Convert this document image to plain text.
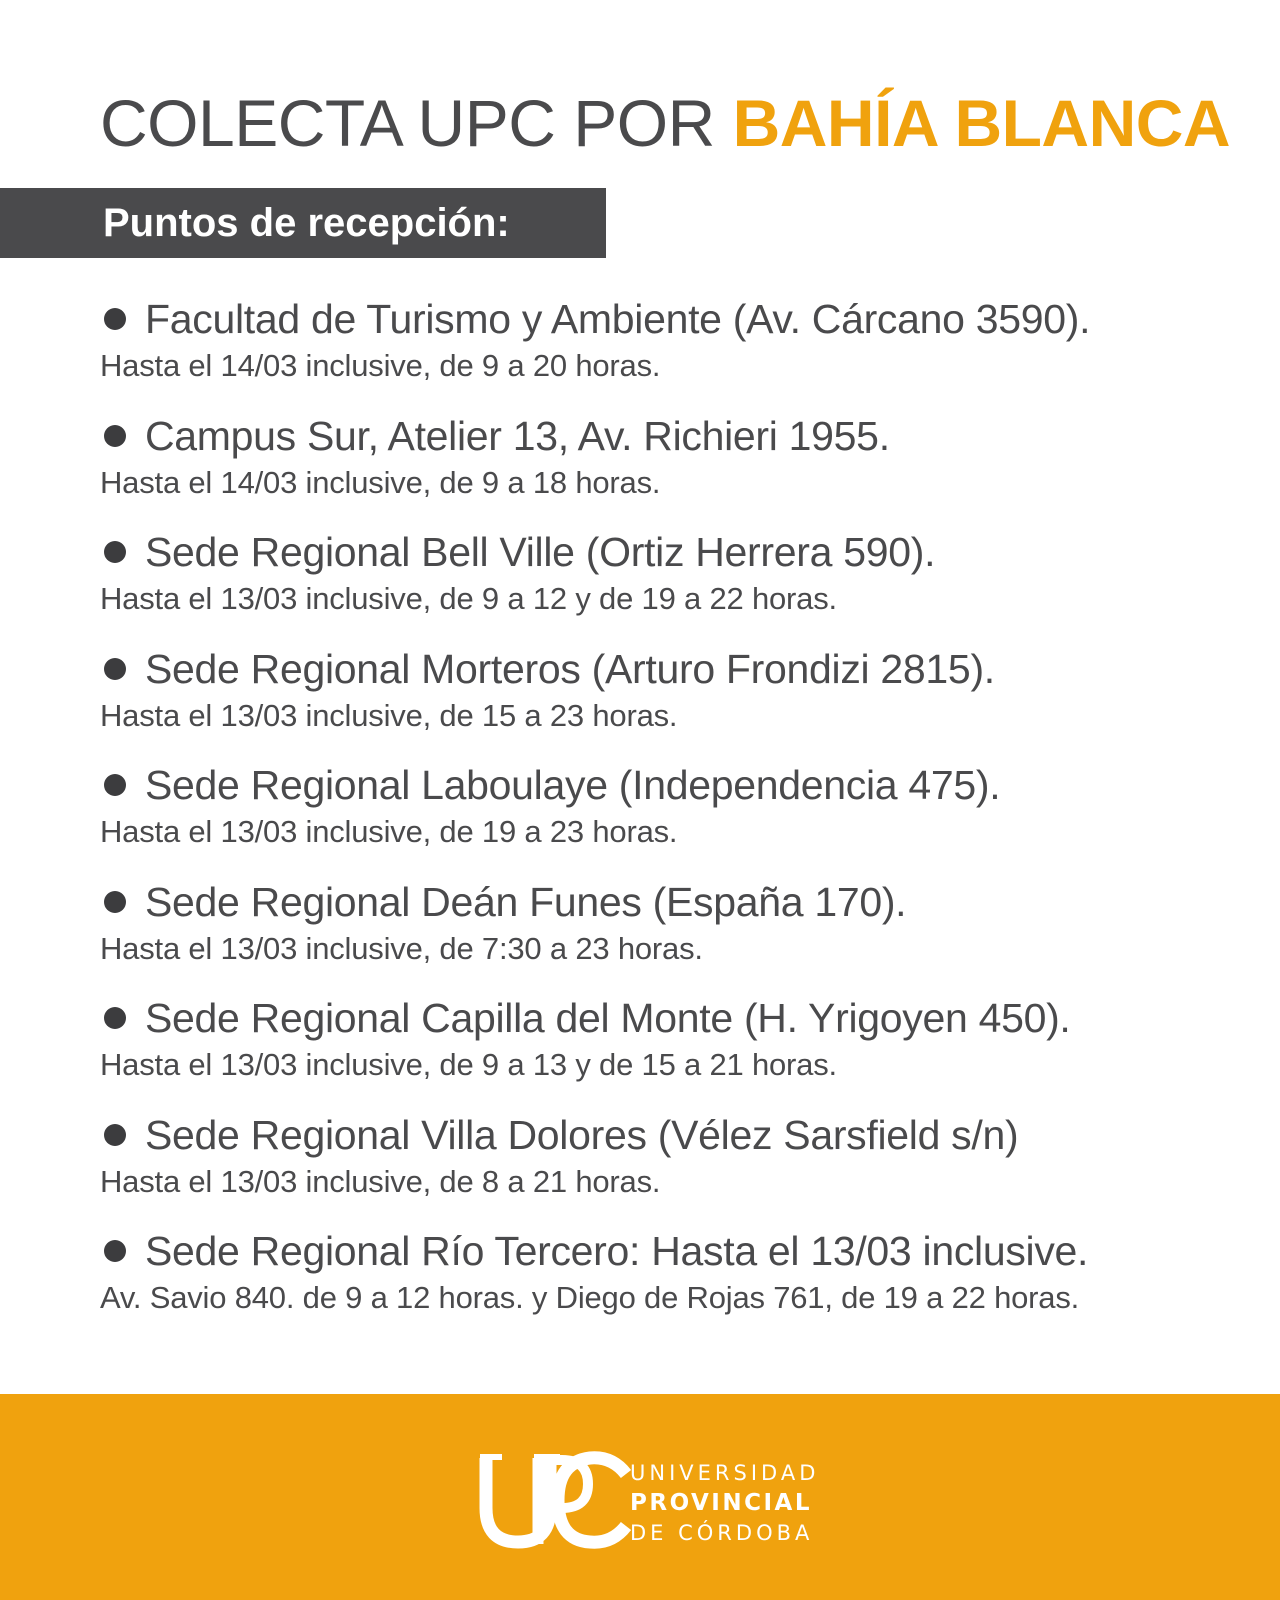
COLECTA UPC POR BAHÍA BLANCA
Puntos de recepción:
Facultad de Turismo y Ambiente (Av. Cárcano 3590).
Hasta el 14/03 inclusive, de 9 a 20 horas.
Campus Sur, Atelier 13, Av. Richieri 1955.
Hasta el 14/03 inclusive, de 9 a 18 horas.
Sede Regional Bell Ville (Ortiz Herrera 590).
Hasta el 13/03 inclusive, de 9 a 12 y de 19 a 22 horas.
Sede Regional Morteros (Arturo Frondizi 2815).
Hasta el 13/03 inclusive, de 15 a 23 horas.
Sede Regional Laboulaye (Independencia 475).
Hasta el 13/03 inclusive, de 19 a 23 horas.
Sede Regional Deán Funes (España 170).
Hasta el 13/03 inclusive, de 7:30 a 23 horas.
Sede Regional Capilla del Monte (H. Yrigoyen 450).
Hasta el 13/03 inclusive, de 9 a 13 y de 15 a 21 horas.
Sede Regional Villa Dolores (Vélez Sarsfield s/n)
Hasta el 13/03 inclusive, de 8 a 21 horas.
Sede Regional Río Tercero: Hasta el 13/03 inclusive.
Av. Savio 840. de 9 a 12 horas. y Diego de Rojas 761, de 19 a 22 horas.
UNIVERSIDAD
PROVINCIAL
DE CÓRDOBA
